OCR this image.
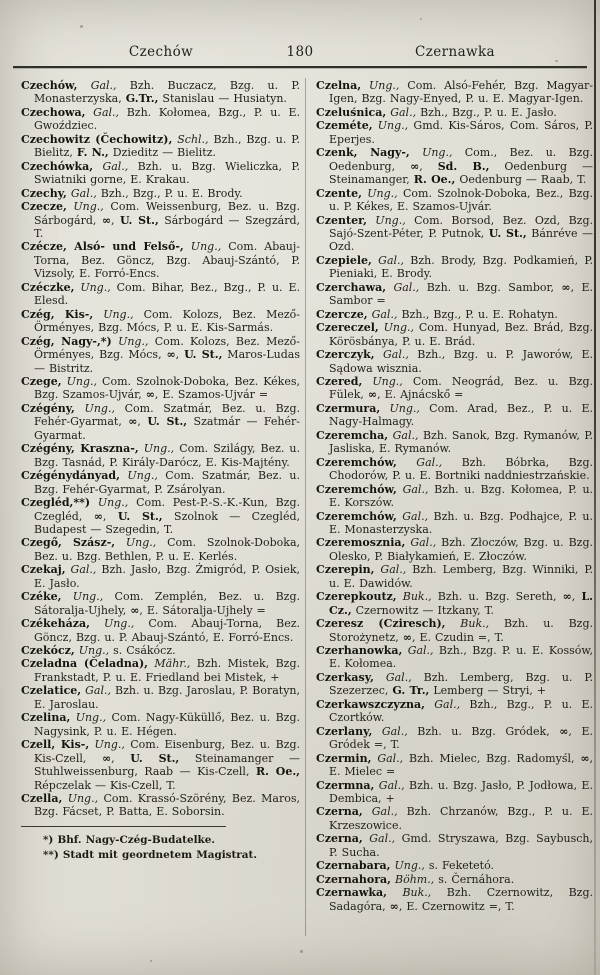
Czechów	180	Czernawka
Czechów, Gal., Bzh. Buczacz, Bzg. u. P. Monasterzyska, G.Tr., Stanislau — Husiatyn.
Czechowa, Gal., Bzh. Kołomea, Bzg., P. u. E. Gwoździec.
Czechowitz (Čechowitz), Schl., Bzh., Bzg. u. P. Bielitz, F. N., Dzieditz — Bielitz.
Czechówka, Gal., Bzh. u. Bzg. Wieliczka, P. Swiatniki gorne, E. Krakau.
Czechy, Gal., Bzh., Bzg., P. u. E. Brody.
Czecze, Ung., Com. Weissenburg, Bez. u. Bzg. Sárbogárd, ∞, U. St., Sárbogárd — Szegzárd, T.
Czécze, Alsó- und Felső-, Ung., Com. Abauj-Torna, Bez. Göncz, Bzg. Abauj-Szántó, P. Vizsoly, E. Forró-Encs.
Czéczke, Ung., Com. Bihar, Bez., Bzg., P. u. E. Elesd.
Czég, Kis-, Ung., Com. Kolozs, Bez. Mező-Örményes, Bzg. Mócs, P. u. E. Kis-Sarmás.
Czég, Nagy-,*) Ung., Com. Kolozs, Bez. Mező-Örményes, Bzg. Mócs, ∞, U. St., Maros-Ludas — Bistritz.
Czege, Ung., Com. Szolnok-Doboka, Bez. Kékes, Bzg. Szamos-Ujvár, ∞, E. Szamos-Ujvár =
Czégény, Ung., Com. Szatmár, Bez. u. Bzg. Fehér-Gyarmat, ∞, U. St., Szatmár — Fehér-Gyarmat.
Czégény, Kraszna-, Ung., Com. Szilágy, Bez. u. Bzg. Tasnád, P. Király-Darócz, E. Kis-Majtény.
Czégénydányad, Ung., Com. Szatmár, Bez. u. Bzg. Fehér-Gyarmat, P. Zsárolyan.
Czegléd,**) Ung., Com. Pest-P.-S.-K.-Kun, Bzg. Czegléd, ∞, U. St., Szolnok — Czegléd, Budapest — Szegedin, T.
Czegő, Szász-, Ung., Com. Szolnok-Doboka, Bez. u. Bzg. Bethlen, P. u. E. Kerlés.
Czekaj, Gal., Bzh. Jasło, Bzg. Żmigród, P. Osiek, E. Jasło.
Czéke, Ung., Com. Zemplén, Bez. u. Bzg. Sátoralja-Ujhely, ∞, E. Sátoralja-Ujhely =
Czékeháza, Ung., Com. Abauj-Torna, Bez. Göncz, Bzg. u. P. Abauj-Szántó, E. Forró-Encs.
Czekócz, Ung., s. Csákócz.
Czeladna (Čeladna), Mähr., Bzh. Mistek, Bzg. Frankstadt, P. u. E. Friedland bei Mistek, +
Czelatice, Gal., Bzh. u. Bzg. Jaroslau, P. Boratyn, E. Jaroslau.
Czelina, Ung., Com. Nagy-Küküllő, Bez. u. Bzg. Nagysink, P. u. E. Hégen.
Czell, Kis-, Ung., Com. Eisenburg, Bez. u. Bzg. Kis-Czell, ∞, U. St., Steinamanger — Stuhlweissenburg, Raab — Kis-Czell, R. Oe., Répczelak — Kis-Czell, T.
Czella, Ung., Com. Krassó-Szörény, Bez. Maros, Bzg. Fácset, P. Batta, E. Soborsin.
*) Bhf. Nagy-Czég-Budatelke.
**) Stadt mit geordnetem Magistrat.
Czelna, Ung., Com. Alsó-Fehér, Bzg. Magyar-Igen, Bzg. Nagy-Enyed, P. u. E. Magyar-Igen.
Czeluśnica, Gal., Bzh., Bzg., P. u. E. Jasło.
Czeméte, Ung., Gmd. Kis-Sáros, Com. Sáros, P. Eperjes.
Czenk, Nagy-, Ung., Com., Bez. u. Bzg. Oedenburg, ∞, Sd. B., Oedenburg — Steinamanger, R. Oe., Oedenburg — Raab, T.
Czente, Ung., Com. Szolnok-Doboka, Bez., Bzg. u. P. Kékes, E. Szamos-Ujvár.
Czenter, Ung., Com. Borsod, Bez. Ozd, Bzg. Sajó-Szent-Péter, P. Putnok, U. St., Bánréve — Ozd.
Czepiele, Gal., Bzh. Brody, Bzg. Podkamień, P. Pieniaki, E. Brody.
Czerchawa, Gal., Bzh. u. Bzg. Sambor, ∞, E. Sambor =
Czercze, Gal., Bzh., Bzg., P. u. E. Rohatyn.
Czereczel, Ung., Com. Hunyad, Bez. Brád, Bzg. Körösbánya, P. u. E. Brád.
Czerczyk, Gal., Bzh., Bzg. u. P. Jaworów, E. Sądowa wisznia.
Czered, Ung., Com. Neográd, Bez. u. Bzg. Fülek, ∞, E. Ajnácskő =
Czermura, Ung., Com. Arad, Bez., P. u. E. Nagy-Halmagy.
Czeremcha, Gal., Bzh. Sanok, Bzg. Rymanów, P. Jasliska, E. Rymanów.
Czeremchów, Gal., Bzh. Bóbrka, Bzg. Chodorów, P. u. E. Bortniki naddniestrzańskie.
Czeremchów, Gal., Bzh. u. Bzg. Kołomea, P. u. E. Korszów.
Czeremchów, Gal., Bzh. u. Bzg. Podhajce, P. u. E. Monasterzyska.
Czeremosznia, Gal., Bzh. Złoczów, Bzg. u. Bzg. Olesko, P. Białykamień, E. Złoczów.
Czerepin, Gal., Bzh. Lemberg, Bzg. Winniki, P. u. E. Dawidów.
Czerepkoutz, Buk., Bzh. u. Bzg. Sereth, ∞, L. Cz., Czernowitz — Itzkany, T.
Czeresz (Cziresch), Buk., Bzh. u. Bzg. Storożynetz, ∞, E. Czudin =, T.
Czerhanowka, Gal., Bzh., Bzg. P. u. E. Kossów, E. Kołomea.
Czerkasy, Gal., Bzh. Lemberg, Bzg. u. P. Szezerzec, G. Tr., Lemberg — Stryi, +
Czerkawszczyzna, Gal., Bzh., Bzg., P. u. E. Czortków.
Czerlany, Gal., Bzh. u. Bzg. Gródek, ∞, E. Gródek =, T.
Czermin, Gal., Bzh. Mielec, Bzg. Radomyśl, ∞, E. Mielec =
Czermna, Gal., Bzh. u. Bzg. Jasło, P. Jodłowa, E. Dembica, +
Czerna, Gal., Bzh. Chrzanów, Bzg., P. u. E. Krzeszowice.
Czerna, Gal., Gmd. Stryszawa, Bzg. Saybusch, P. Sucha.
Czernabara, Ung., s. Feketetó.
Czernahora, Böhm., s. Černáhora.
Czernawka, Buk., Bzh. Czernowitz, Bzg. Sadagóra, ∞, E. Czernowitz =, T.
